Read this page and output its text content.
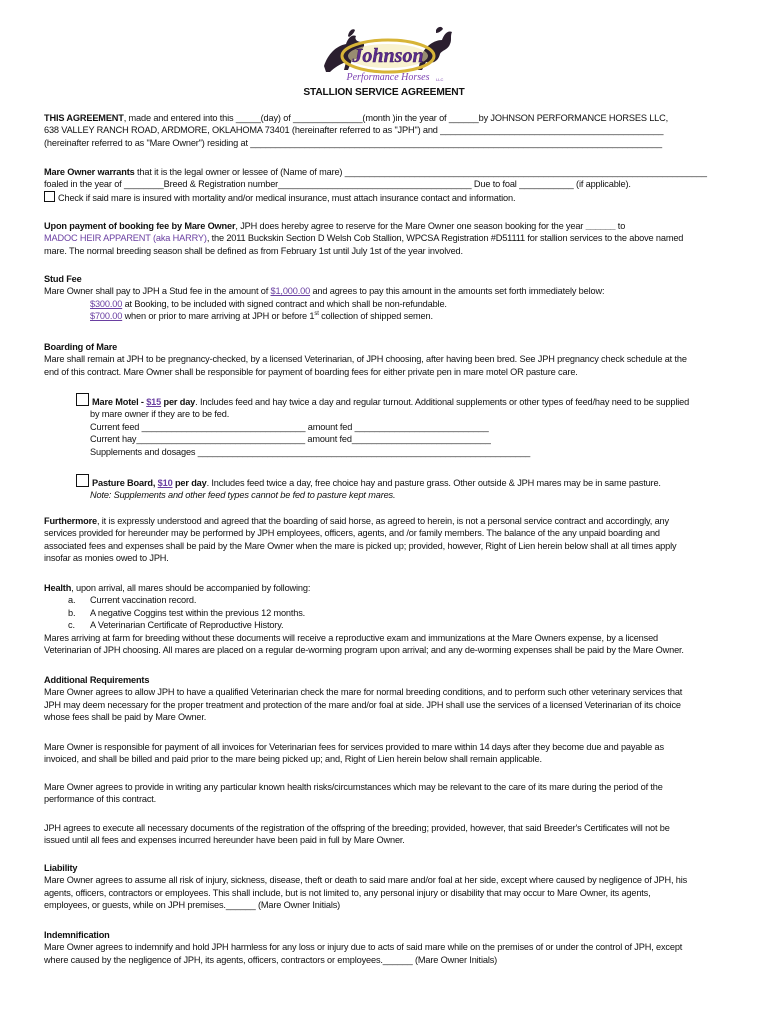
Johnson
Performance Horses LLC
STALLION SERVICE AGREEMENT

THIS AGREEMENT, made and entered into this _____(day) of ______________(month )in the year of ______by JOHNSON PERFORMANCE HORSES LLC,

638 VALLEY RANCH ROAD, ARDMORE, OKLAHOMA 73401 (hereinafter referred to as "JPH") and _____________________________________________

(hereinafter referred to as "Mare Owner") residing at ___________________________________________________________________________________

Mare Owner warrants that it is the legal owner or lessee of (Name of mare) _________________________________________________________________________

foaled in the year of ________Breed & Registration number_______________________________________ Due to foal ___________ (if applicable).

Check if said mare is insured with mortality and/or medical insurance, must attach insurance contact and information.

Upon payment of booking fee by Mare Owner, JPH does hereby agree to reserve for the Mare Owner one season booking for the year ______ to

MADOC HEIR APPARENT (aka HARRY), the 2011 Buckskin Section D Welsh Cob Stallion, WPCSA Registration #D51111 for stallion services to the above named

mare. The normal breeding season shall be defined as from February 1st until July 1st of the year involved.

Stud Fee

Mare Owner shall pay to JPH a Stud fee in the amount of $1,000.00 and agrees to pay this amount in the amounts set forth immediately below:

$300.00 at Booking, to be included with signed contract and which shall be non-refundable.

$700.00 when or prior to mare arriving at JPH or before 1st collection of shipped semen.

Boarding of Mare

Mare shall remain at JPH to be pregnancy-checked, by a licensed Veterinarian, of JPH choosing, after having been bred. See JPH pregnancy check schedule at the

end of this contract. Mare Owner shall be responsible for payment of boarding fees for either private pen in mare motel OR pasture care.

Mare Motel - $15 per day. Includes feed and hay twice a day and regular turnout. Additional supplements or other types of feed/hay need to be supplied

by mare owner if they are to be fed.

Current feed _________________________________ amount fed ___________________________

Current hay__________________________________ amount fed____________________________

Supplements and dosages ___________________________________________________________________

Pasture Board, $10 per day. Includes feed twice a day, free choice hay and pasture grass. Other outside & JPH mares may be in same pasture.

Note: Supplements and other feed types cannot be fed to pasture kept mares.

Furthermore, it is expressly understood and agreed that the boarding of said horse, as agreed to herein, is not a personal service contract and accordingly, any

services provided for hereunder may be performed by JPH employees, officers, agents, and /or family members. The balance of the any unpaid boarding and

associated fees and expenses shall be paid by the Mare Owner when the mare is picked up; provided, however, Right of Lien herein below shall at all times apply

insofar as monies owed to JPH.

Health, upon arrival, all mares should be accompanied by following:

a. Current vaccination record.

b. A negative Coggins test within the previous 12 months.

c. A Veterinarian Certificate of Reproductive History.

Mares arriving at farm for breeding without these documents will receive a reproductive exam and immunizations at the Mare Owners expense, by a licensed

Veterinarian of JPH choosing. All mares are placed on a regular de-worming program upon arrival; and any de-worming expenses shall be paid by the Mare Owner.

Additional Requirements

Mare Owner agrees to allow JPH to have a qualified Veterinarian check the mare for normal breeding conditions, and to perform such other veterinary services that

JPH may deem necessary for the proper treatment and protection of the mare and/or foal at side. JPH shall use the services of a licensed Veterinarian of its choice

whose fees shall be paid by Mare Owner.

Mare Owner is responsible for payment of all invoices for Veterinarian fees for services provided to mare within 14 days after they become due and payable as

invoiced, and shall be billed and paid prior to the mare being picked up; and, Right of Lien herein below shall remain applicable.

Mare Owner agrees to provide in writing any particular known health risks/circumstances which may be relevant to the care of its mare during the period of the

performance of this contract.

JPH agrees to execute all necessary documents of the registration of the offspring of the breeding; provided, however, that said Breeder's Certificates will not be

issued until all fees and expenses incurred hereunder have been paid in full by Mare Owner.

Liability

Mare Owner agrees to assume all risk of injury, sickness, disease, theft or death to said mare and/or foal at her side, except where caused by negligence of JPH, his

agents, officers, contractors or employees. This shall include, but is not limited to, any personal injury or disability that may occur to Mare Owner, its agents,

employees, or guests, while on JPH premises.______ (Mare Owner Initials)

Indemnification

Mare Owner agrees to indemnify and hold JPH harmless for any loss or injury due to acts of said mare while on the premises of or under the control of JPH, except

where caused by the negligence of JPH, its agents, officers, contractors or employees.______ (Mare Owner Initials)
